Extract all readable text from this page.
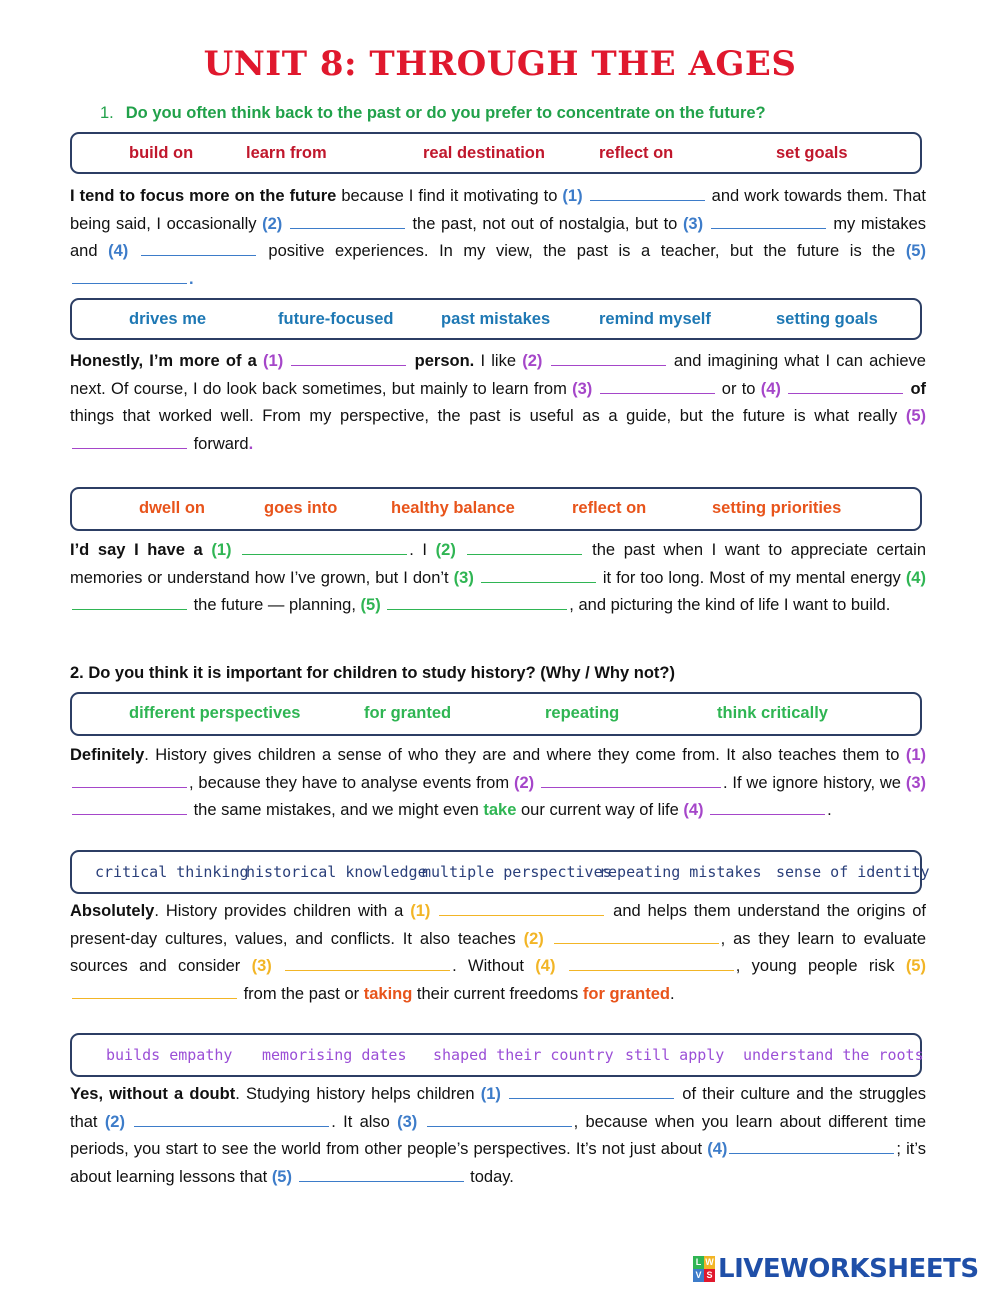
UNIT 8: THROUGH THE AGES
1. Do you often think back to the past or do you prefer to concentrate on the future?
build on	learn from	real destination	reflect on	set goals
I tend to focus more on the future because I find it motivating to (1)	and work towards them. That being said, I occasionally (2)	the past, not out of nostalgia, but to (3)	my mistakes and (4)	positive experiences. In my view, the past is a teacher, but the future is the (5) .
drives me	future-focused	past mistakes	remind myself	setting goals
Honestly, I’m more of a (1)	person. I like (2)	and imagining what I can achieve next. Of course, I do look back sometimes, but mainly to learn from (3)	or to (4)	of things that worked well. From my perspective, the past is useful as a guide, but the future is what really (5)  forward.
dwell on	goes into	healthy balance	reflect on	setting priorities
I’d say I have a (1)	. I (2)	the past when I want to appreciate certain memories or understand how I’ve grown, but I don’t (3)	it for too long. Most of my mental energy (4)  the future — planning, (5)	, and picturing the kind of life I want to build.
2. Do you think it is important for children to study history? (Why / Why not?)
different perspectives	for granted	repeating	think critically
Definitely. History gives children a sense of who they are and where they come from. It also teaches them to (1) , because they have to analyse events from (2)	. If we ignore history, we (3)  the same mistakes, and we might even take our current way of life (4)	.
critical thinking
historical knowledge
multiple perspectives
repeating mistakes sense of identity
Absolutely. History provides children with a (1)	and helps them understand the origins of present-day cultures, values, and conflicts. It also teaches (2)	, as they learn to evaluate sources and consider (3)	. Without (4)	, young people risk (5)  from the past or taking their current freedoms for granted.
builds empathy memorising dates shaped their country still apply understand the roots
Yes, without a doubt. Studying history helps children (1)	of their culture and the struggles that (2)	. It also (3)	, because when you learn about different time periods, you start to see the world from other people’s perspectives. It’s not just about (4)	; it’s about learning lessons that (5)	today.
L W
V S LIVEWORKSHEETS
